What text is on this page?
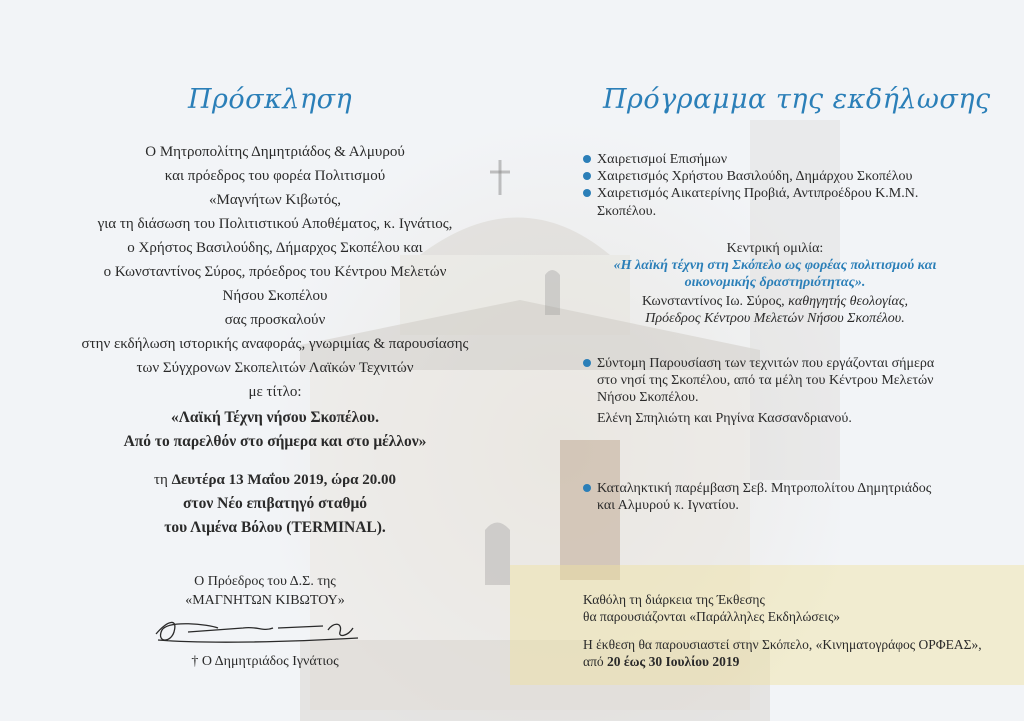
Πρόσκληση
Ο Μητροπολίτης Δημητριάδος & Αλμυρού
και πρόεδρος του φορέα Πολιτισμού
«Μαγνήτων Κιβωτός,
για τη διάσωση του Πολιτιστικού Αποθέματος, κ. Ιγνάτιος,
ο Χρήστος Βασιλούδης, Δήμαρχος Σκοπέλου και
ο Κωνσταντίνος Σύρος, πρόεδρος του Κέντρου Μελετών
Νήσου Σκοπέλου
σας προσκαλούν
στην εκδήλωση ιστορικής αναφοράς, γνωριμίας & παρουσίασης
των Σύγχρονων Σκοπελιτών Λαϊκών Τεχνιτών
με τίτλο:
«Λαϊκή Τέχνη νήσου Σκοπέλου.
Από το παρελθόν στο σήμερα και στο μέλλον»
τη Δευτέρα 13 Μαΐου 2019, ώρα 20.00
στον Νέο επιβατηγό σταθμό
του Λιμένα Βόλου (TERMINAL).
Ο Πρόεδρος του Δ.Σ. της
«ΜΑΓΝΗΤΩΝ ΚΙΒΩΤΟΥ»
† Ο Δημητριάδος Ιγνάτιος
Πρόγραμμα της εκδήλωσης
Χαιρετισμοί Επισήμων
Χαιρετισμός Χρήστου Βασιλούδη, Δημάρχου Σκοπέλου
Χαιρετισμός Αικατερίνης Προβιά, Αντιπροέδρου Κ.Μ.Ν.
Σκοπέλου.
Κεντρική ομιλία:
«Η λαϊκή τέχνη στη Σκόπελο ως φορέας πολιτισμού και
οικονομικής δραστηριότητας».
Κωνσταντίνος Ιω. Σύρος, καθηγητής θεολογίας,
Πρόεδρος Κέντρου Μελετών Νήσου Σκοπέλου.
Σύντομη Παρουσίαση των τεχνιτών που εργάζονται σήμερα
στο νησί της Σκοπέλου, από τα μέλη του Κέντρου Μελετών
Νήσου Σκοπέλου.
Ελένη Σπηλιώτη και Ρηγίνα Κασσανδριανού.
Καταληκτική παρέμβαση Σεβ. Μητροπολίτου Δημητριάδος
και Αλμυρού κ. Ιγνατίου.
Καθόλη τη διάρκεια της Έκθεσης
θα παρουσιάζονται «Παράλληλες Εκδηλώσεις»
Η έκθεση θα παρουσιαστεί στην Σκόπελο, «Κινηματογράφος ΟΡΦΕΑΣ»,
από 20 έως 30 Ιουλίου 2019
